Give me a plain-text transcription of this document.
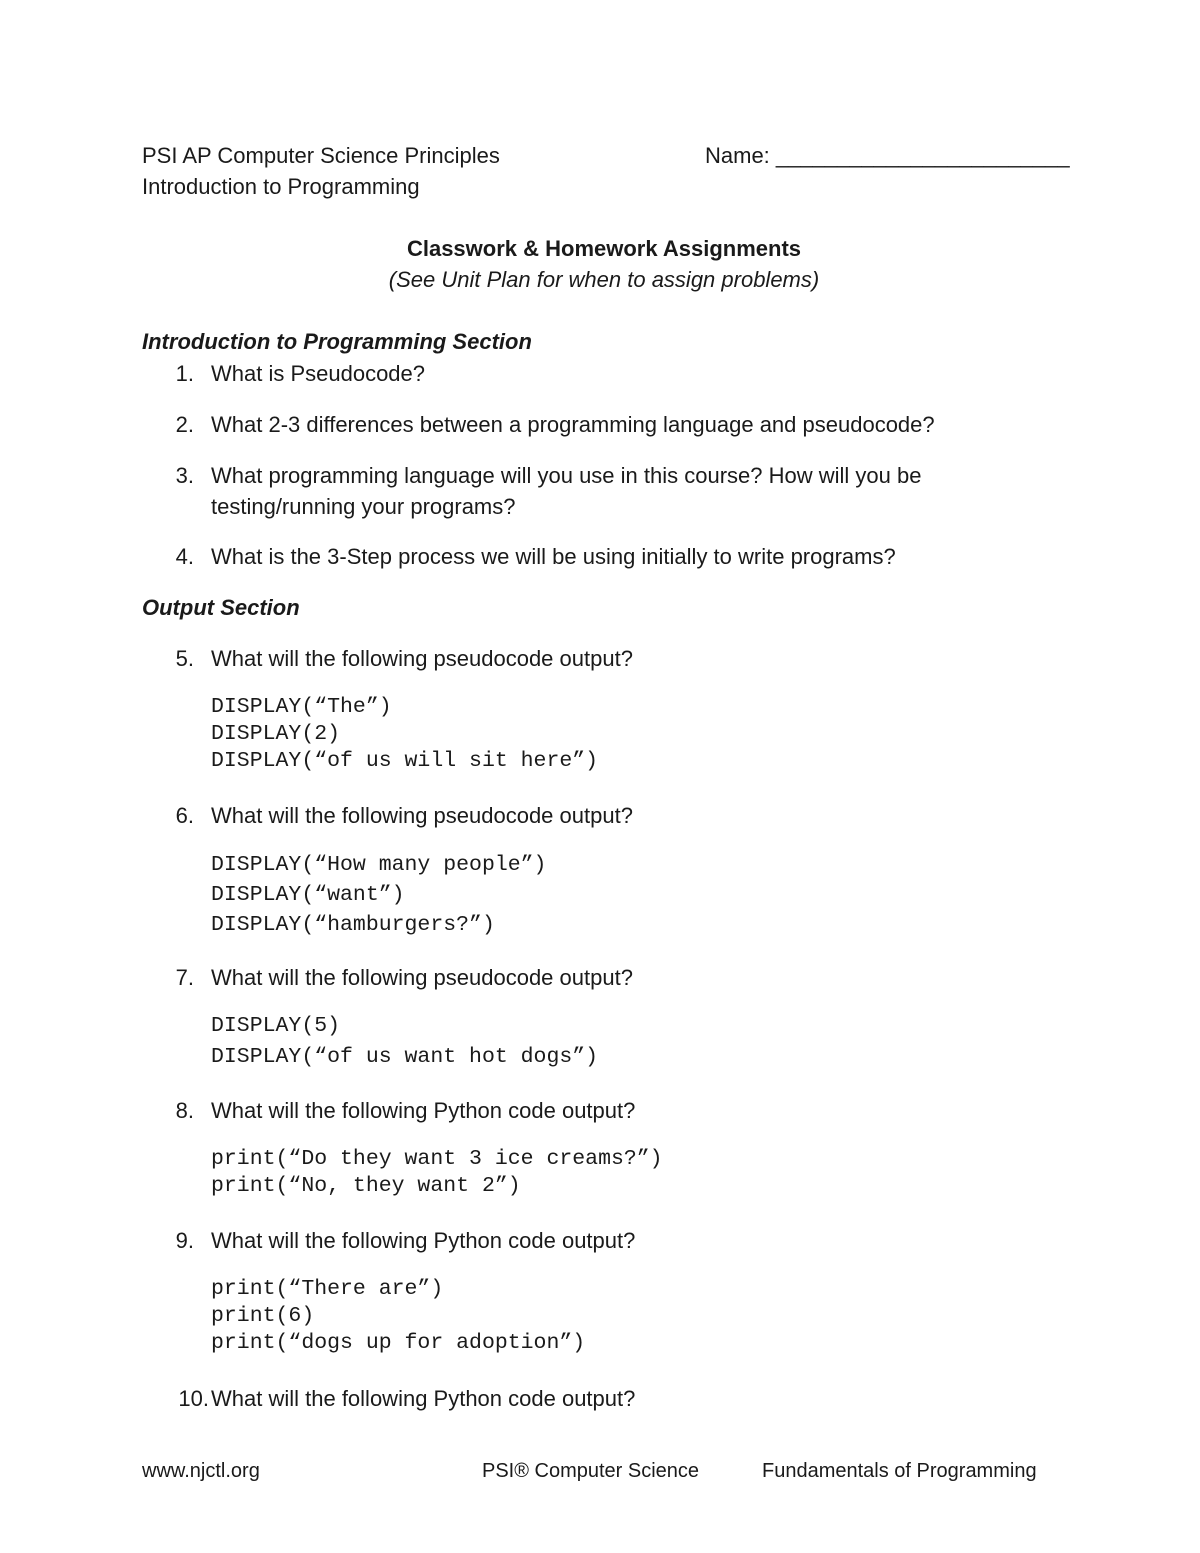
PSI AP Computer Science Principles
Introduction to Programming
Name: ________________________
Classwork & Homework Assignments
(See Unit Plan for when to assign problems)
Introduction to Programming Section
1. What is Pseudocode?
2. What 2-3 differences between a programming language and pseudocode?
3. What programming language will you use in this course? How will you be
testing/running your programs?
4. What is the 3-Step process we will be using initially to write programs?
Output Section
5. What will the following pseudocode output?
DISPLAY(“The”)
DISPLAY(2)
DISPLAY(“of us will sit here”)
6. What will the following pseudocode output?
DISPLAY(“How many people”)
DISPLAY(“want”)
DISPLAY(“hamburgers?”)
7. What will the following pseudocode output?
DISPLAY(5)
DISPLAY(“of us want hot dogs”)
8. What will the following Python code output?
print(“Do they want 3 ice creams?”)
print(“No, they want 2”)
9. What will the following Python code output?
print(“There are”)
print(6)
print(“dogs up for adoption”)
10. What will the following Python code output?
www.njctl.org	PSI® Computer Science	Fundamentals of Programming
